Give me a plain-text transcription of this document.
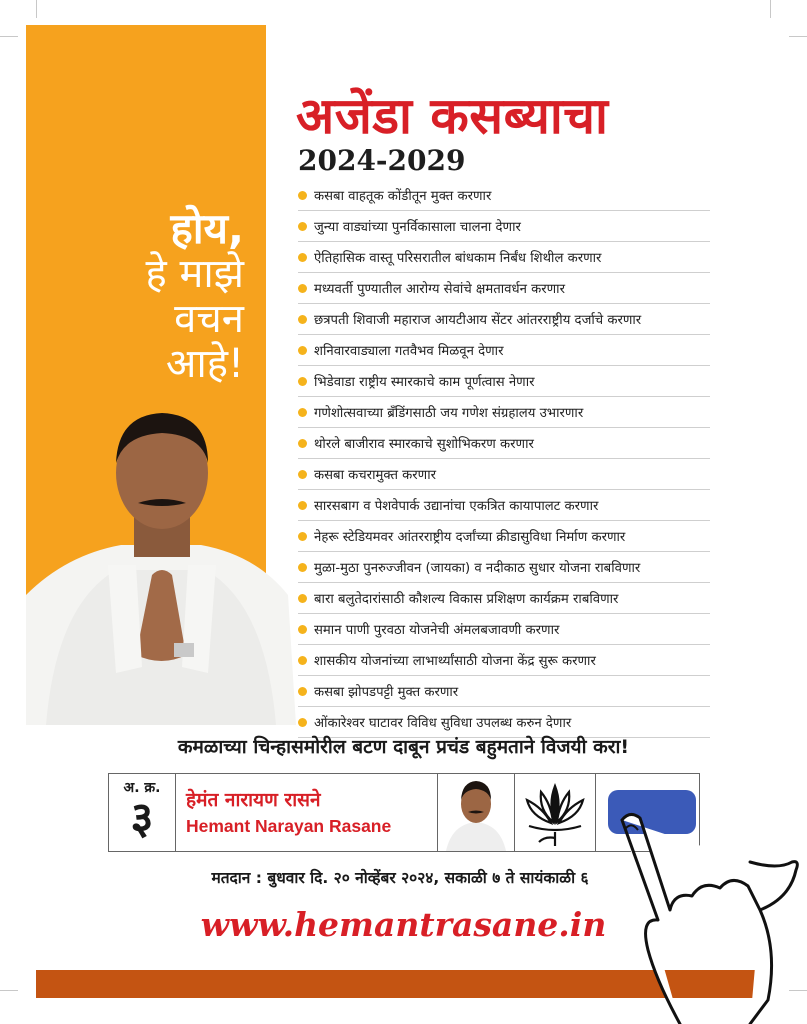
होय,
हे माझे
वचन
आहे!
अजेंडा कसब्याचा
2024-2029
कसबा वाहतूक कोंडीतून मुक्त करणार
जुन्या वाड्यांच्या पुनर्विकासाला चालना देणार
ऐतिहासिक वास्तू परिसरातील बांधकाम निर्बंध शिथील करणार
मध्यवर्ती पुण्यातील आरोग्य सेवांचे क्षमतावर्धन करणार
छत्रपती शिवाजी महाराज आयटीआय सेंटर आंतरराष्ट्रीय दर्जाचे करणार
शनिवारवाड्याला गतवैभव मिळवून देणार
भिडेवाडा राष्ट्रीय स्मारकाचे काम पूर्णत्वास नेणार
गणेशोत्सवाच्या ब्रँडिंगसाठी जय गणेश संग्रहालय उभारणार
थोरले बाजीराव स्मारकाचे सुशोभिकरण करणार
कसबा कचरामुक्त करणार
सारसबाग व पेशवेपार्क उद्यानांचा एकत्रित कायापालट करणार
नेहरू स्टेडियमवर आंतरराष्ट्रीय दर्जांच्या क्रीडासुविधा निर्माण करणार
मुळा-मुठा पुनरुज्जीवन (जायका) व नदीकाठ सुधार योजना राबविणार
बारा बलुतेदारांसाठी कौशल्य विकास प्रशिक्षण कार्यक्रम राबविणार
समान पाणी पुरवठा योजनेची अंमलबजावणी करणार
शासकीय योजनांच्या लाभार्थ्यांसाठी योजना केंद्र सुरू करणार
कसबा झोपडपट्टी मुक्त करणार
ओंकारेश्वर घाटावर विविध सुविधा उपलब्ध करुन देणार
कमळाच्या चिन्हासमोरील बटण दाबून प्रचंड बहुमताने विजयी करा!
अ. क्र.
३	हेमंत नारायण रासने
Hemant Narayan Rasane
मतदान : बुधवार दि. २० नोव्हेंबर २०२४, सकाळी ७ ते सायंकाळी ६
www.hemantrasane.in
